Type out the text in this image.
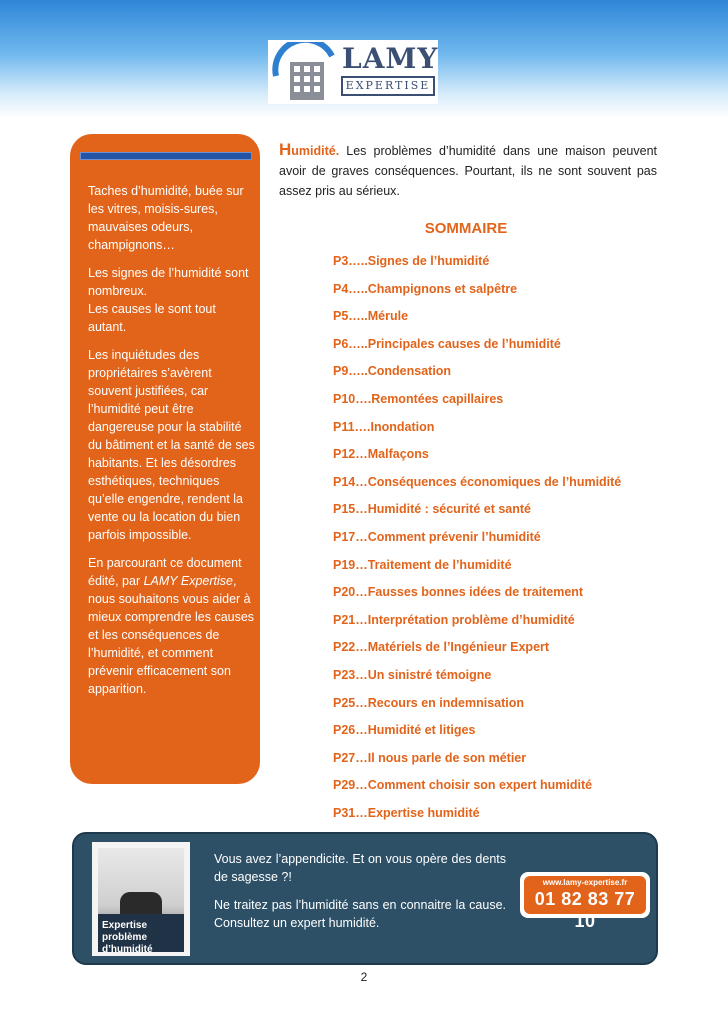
LAMY
EXPERTISE

Taches d’humidité, buée sur les vitres, moisis-sures, mauvaises odeurs, champignons…

Les signes de l’humidité sont nombreux.

Les causes le sont tout autant.

Les inquiétudes des propriétaires s’avèrent souvent justifiées, car l’humidité peut être dangereuse pour la stabilité du bâtiment et la santé de ses habitants. Et les désordres esthétiques, techniques qu’elle engendre, rendent la vente ou la location du bien parfois impossible.

En parcourant ce document édité, par LAMY Expertise, nous souhaitons vous aider à mieux comprendre les causes et les conséquences de l’humidité, et comment prévenir efficacement son apparition.

Humidité. Les problèmes d’humidité dans une maison peuvent avoir de graves conséquences. Pourtant, ils ne sont souvent pas assez pris au sérieux.
SOMMAIRE
P3…..Signes de l’humidité
P4…..Champignons et salpêtre
P5…..Mérule
P6…..Principales causes de l’humidité
P9…..Condensation
P10….Remontées capillaires
P11….Inondation
P12…Malfaçons
P14…Conséquences économiques de l’humidité
P15…Humidité : sécurité et santé
P17…Comment prévenir l’humidité
P19…Traitement de l’humidité
P20…Fausses bonnes idées de traitement
P21…Interprétation problème d’humidité
P22…Matériels de l’Ingénieur Expert
P23…Un sinistré témoigne
P25…Recours en indemnisation
P26…Humidité et litiges
P27…Il nous parle de son métier
P29…Comment choisir son expert humidité
P31…Expertise humidité
Expertise problème
d’humidité

Vous avez l’appendicite. Et on vous opère des dents de sagesse ?!

Ne traitez pas l’humidité sans en connaitre la cause. Consultez un expert humidité.

www.lamy-expertise.fr
01 82 83 77 10
2
